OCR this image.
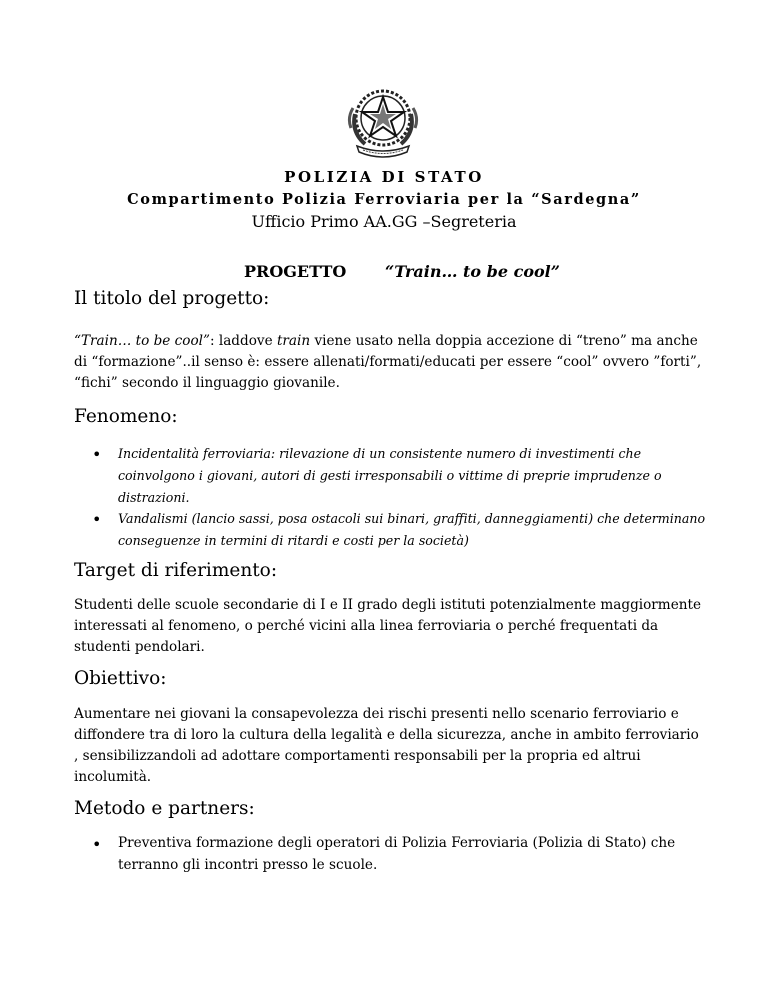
POLIZIA DI STATO
Compartimento Polizia Ferroviaria per la “Sardegna”
Ufficio Primo AA.GG –Segreteria
PROGETTO “Train… to be cool”
Il titolo del progetto:
“Train… to be cool”: laddove train viene usato nella doppia accezione di “treno” ma anche di “formazione”..il senso è: essere allenati/formati/educati per essere “cool” ovvero ”forti”, “fichi” secondo il linguaggio giovanile.
Fenomeno:
• Incidentalità ferroviaria: rilevazione di un consistente numero di investimenti che coinvolgono i giovani, autori di gesti irresponsabili o vittime di preprie imprudenze o distrazioni.
• Vandalismi (lancio sassi, posa ostacoli sui binari, graffiti, danneggiamenti) che determinano conseguenze in termini di ritardi e costi per la società)
Target di riferimento:
Studenti delle scuole secondarie di I e II grado degli istituti potenzialmente maggiormente interessati al fenomeno, o perché vicini alla linea ferroviaria o perché frequentati da studenti pendolari.
Obiettivo:
Aumentare nei giovani la consapevolezza dei rischi presenti nello scenario ferroviario e diffondere tra di loro la cultura della legalità e della sicurezza, anche in ambito ferroviario , sensibilizzandoli ad adottare comportamenti responsabili per la propria ed altrui incolumità.
Metodo e partners:
• Preventiva formazione degli operatori di Polizia Ferroviaria (Polizia di Stato) che terranno gli incontri presso le scuole.
